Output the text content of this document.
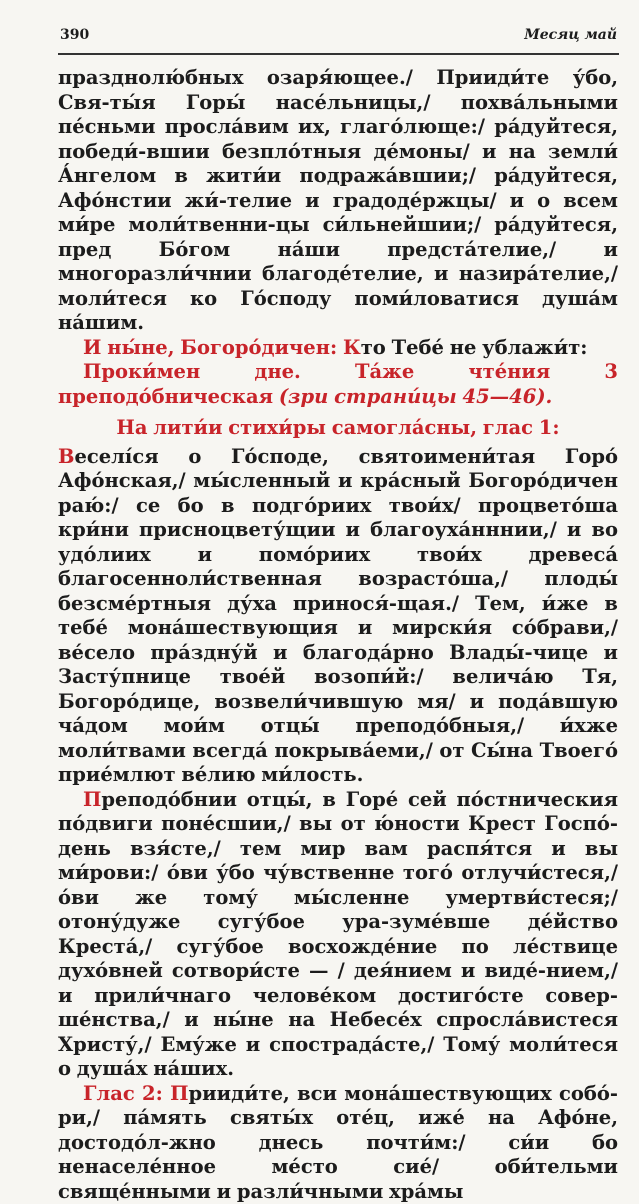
390	Месяц май

празднолю́бных озаря́ющее./ Прииди́те у́бо, Свя-ты́я Горы́ насе́льницы,/ похва́льными пе́сньми просла́вим их, глаго́люще:/ ра́дуйтеся, победи́-вшии безпло́тныя де́моны/ и на земли́ А́нгелом в жити́и подража́вшии;/ ра́дуйтеся, Афо́нстии жи́-телие и градоде́ржцы/ и о всем ми́ре моли́твенни-цы си́льнейшии;/ ра́дуйтеся, пред Бо́гом на́ши предста́телие,/ и многоразли́чнии благоде́телие, и назира́телие,/ моли́теся ко Го́споду поми́ловатися душа́м на́шим.

И ны́не, Богоро́дичен: Кто Тебе́ не ублажи́т:

Проки́мен дне. Та́же чте́ния 3 преподо́бническая (зри страни́цы 45—46).

На лити́и стихи́ры самогла́сны, глас 1:

Веселі́ся о Го́споде, святоимени́тая Горо́ Афо́нская,/ мы́сленный и кра́сный Богоро́дичен раю́:/ се бо в подго́риих твои́х/ процвето́ша кри́ни присноцвету́щии и благоуха́нннии,/ и во удо́лиих и помо́риих твои́х древеса́ благосенноли́ственная возрасто́ша,/ плоды́ безсме́ртныя ду́ха принося́-щая./ Тем, и́же в тебе́ мона́шествующия и мирски́я со́брави,/ ве́село пра́здну́й и благода́рно Влады́-чице и Засту́пнице твое́й возопи́й:/ велича́ю Тя, Богоро́дице, возвели́чившую мя/ и пода́вшую ча́дом мои́м отцы́ преподо́бныя,/ и́хже моли́твами всегда́ покрыва́еми,/ от Сы́на Твоего́ прие́млют ве́лию ми́лость.

Преподо́бнии отцы́, в Горе́ сей по́стническия по́двиги поне́сшии,/ вы от ю́ности Крест Госпо́-день взя́сте,/ тем мир вам распя́тся и вы ми́рови:/ о́ви у́бо чу́вственне того́ отлучи́стеся,/о́ви же тому́ мы́сленне умертви́стеся;/ отону́дуже сугу́бое ура-зуме́вше де́йство Креста́,/ сугу́бое восхожде́ние по ле́ствице духо́вней сотвори́сте — / дея́нием и виде́-нием,/ и прили́чнаго челове́ком достиго́сте совер-ше́нства,/ и ны́не на Небесе́х спросла́вистеся Христу́,/ Ему́же и спострада́сте,/ Тому́ моли́теся о душа́х на́ших.

Глас 2: Прииди́те, вси мона́шествующих собо́-ри,/ па́мять святы́х оте́ц, иже́ на Афо́не, достодо́л-жно днесь почти́м:/ си́и бо ненаселе́нное ме́сто сие́/ оби́тельми свяще́нными и разли́чными хра́мы
